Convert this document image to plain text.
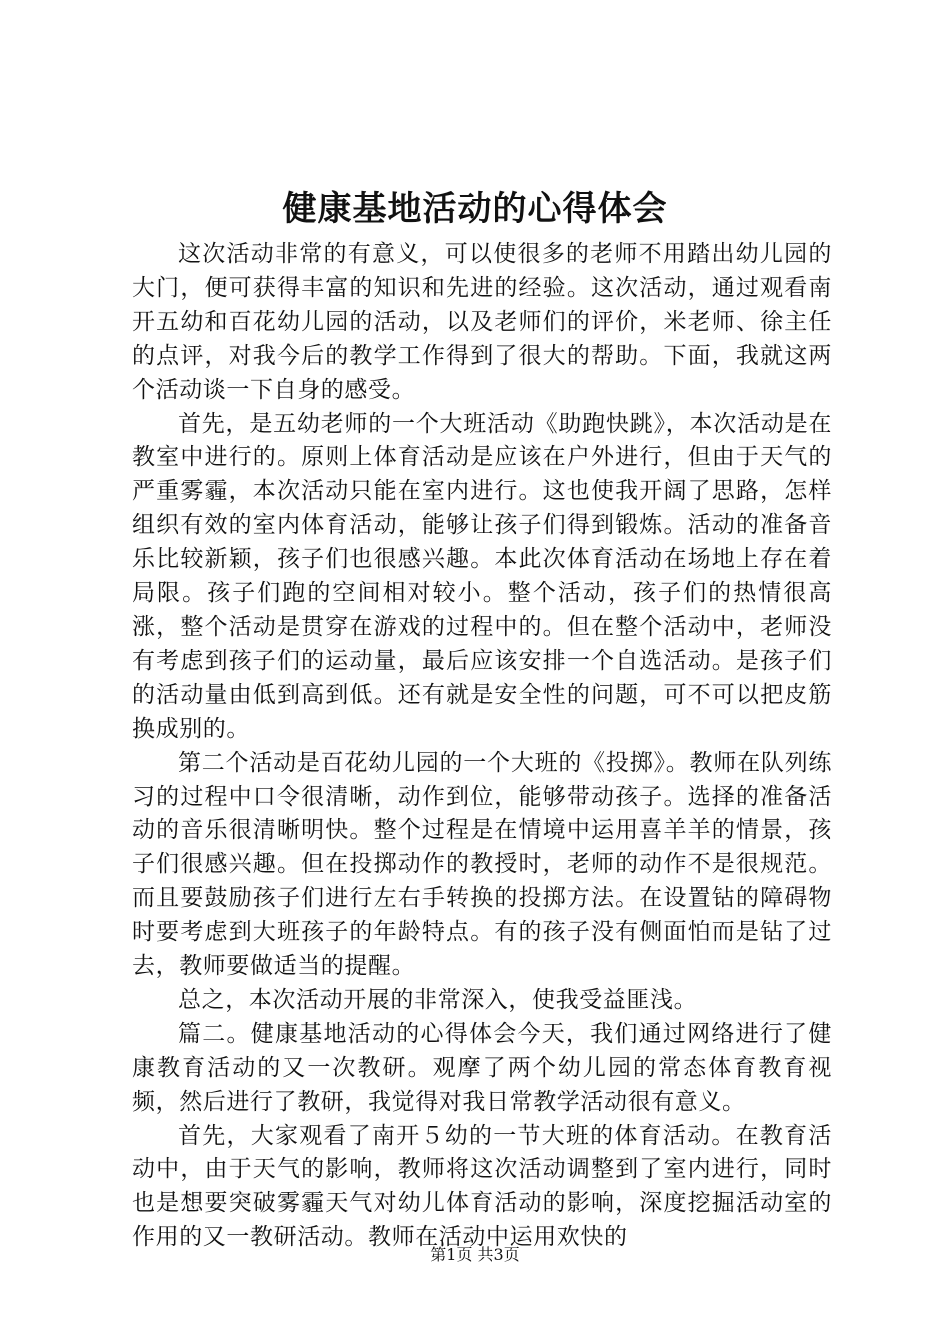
健康基地活动的心得体会

这次活动非常的有意义，可以使很多的老师不用踏出幼儿园的大门，便可获得丰富的知识和先进的经验。这次活动，通过观看南开五幼和百花幼儿园的活动，以及老师们的评价，米老师、徐主任的点评，对我今后的教学工作得到了很大的帮助。下面，我就这两个活动谈一下自身的感受。

首先，是五幼老师的一个大班活动《助跑快跳》，本次活动是在教室中进行的。原则上体育活动是应该在户外进行，但由于天气的严重雾霾，本次活动只能在室内进行。这也使我开阔了思路，怎样组织有效的室内体育活动，能够让孩子们得到锻炼。活动的准备音乐比较新颖，孩子们也很感兴趣。本此次体育活动在场地上存在着局限。孩子们跑的空间相对较小。整个活动，孩子们的热情很高涨，整个活动是贯穿在游戏的过程中的。但在整个活动中，老师没有考虑到孩子们的运动量，最后应该安排一个自选活动。是孩子们的活动量由低到高到低。还有就是安全性的问题，可不可以把皮筋换成别的。

第二个活动是百花幼儿园的一个大班的《投掷》。教师在队列练习的过程中口令很清晰，动作到位，能够带动孩子。选择的准备活动的音乐很清晰明快。整个过程是在情境中运用喜羊羊的情景，孩子们很感兴趣。但在投掷动作的教授时，老师的动作不是很规范。而且要鼓励孩子们进行左右手转换的投掷方法。在设置钻的障碍物时要考虑到大班孩子的年龄特点。有的孩子没有侧面怕而是钻了过去，教师要做适当的提醒。

总之，本次活动开展的非常深入，使我受益匪浅。

篇二。健康基地活动的心得体会今天，我们通过网络进行了健康教育活动的又一次教研。观摩了两个幼儿园的常态体育教育视频，然后进行了教研，我觉得对我日常教学活动很有意义。

首先，大家观看了南开５幼的一节大班的体育活动。在教育活动中，由于天气的影响，教师将这次活动调整到了室内进行，同时也是想要突破雾霾天气对幼儿体育活动的影响，深度挖掘活动室的作用的又一教研活动。教师在活动中运用欢快的

第1页 共3页
